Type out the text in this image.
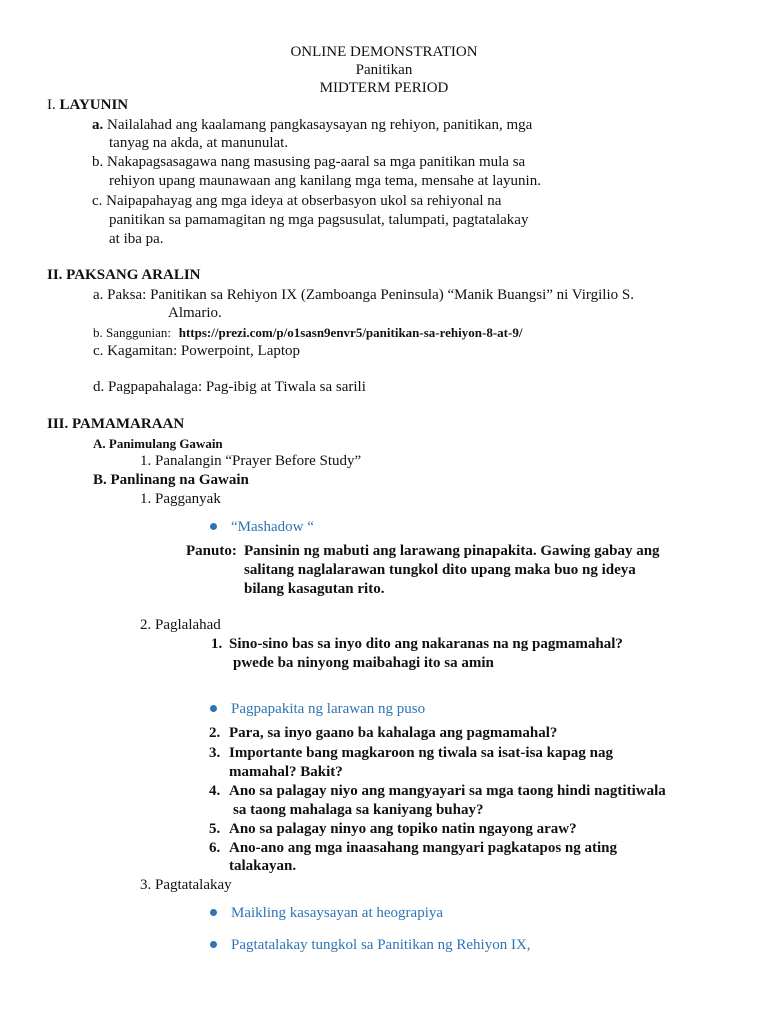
ONLINE DEMONSTRATION
Panitikan
MIDTERM PERIOD
I. LAYUNIN
a. Nailalahad ang kaalamang pangkasaysayan ng rehiyon, panitikan, mga
tanyag na akda, at manunulat.
b. Nakapagsasagawa nang masusing pag-aaral sa mga panitikan mula sa
rehiyon upang maunawaan ang kanilang mga tema, mensahe at layunin.
c. Naipapahayag ang mga ideya at obserbasyon ukol sa rehiyonal na
panitikan sa pamamagitan ng mga pagsusulat, talumpati, pagtatalakay
at iba pa.
II. PAKSANG ARALIN
a. Paksa: Panitikan sa Rehiyon IX (Zamboanga Peninsula) “Manik Buangsi” ni Virgilio S.
Almario.
b. Sanggunian: https://prezi.com/p/o1sasn9envr5/panitikan-sa-rehiyon-8-at-9/
c. Kagamitan: Powerpoint, Laptop
d. Pagpapahalaga: Pag-ibig at Tiwala sa sarili
III. PAMAMARAAN
A. Panimulang Gawain
1. Panalangin “Prayer Before Study”
B. Panlinang na Gawain
1. Pagganyak
“Mashadow “
Panuto: Pansinin ng mabuti ang larawang pinapakita. Gawing gabay ang
salitang naglalarawan tungkol dito upang maka buo ng ideya
bilang kasagutan rito.
2. Paglalahad
1. Sino-sino bas sa inyo dito ang nakaranas na ng pagmamahal?
pwede ba ninyong maibahagi ito sa amin
Pagpapakita ng larawan ng puso
2. Para, sa inyo gaano ba kahalaga ang pagmamahal?
3. Importante bang magkaroon ng tiwala sa isat-isa kapag nag
mamahal? Bakit?
4. Ano sa palagay niyo ang mangyayari sa mga taong hindi nagtitiwala
sa taong mahalaga sa kaniyang buhay?
5. Ano sa palagay ninyo ang topiko natin ngayong araw?
6. Ano-ano ang mga inaasahang mangyari pagkatapos ng ating
talakayan.
3. Pagtatalakay
Maikling kasaysayan at heograpiya
Pagtatalakay tungkol sa Panitikan ng Rehiyon IX,
